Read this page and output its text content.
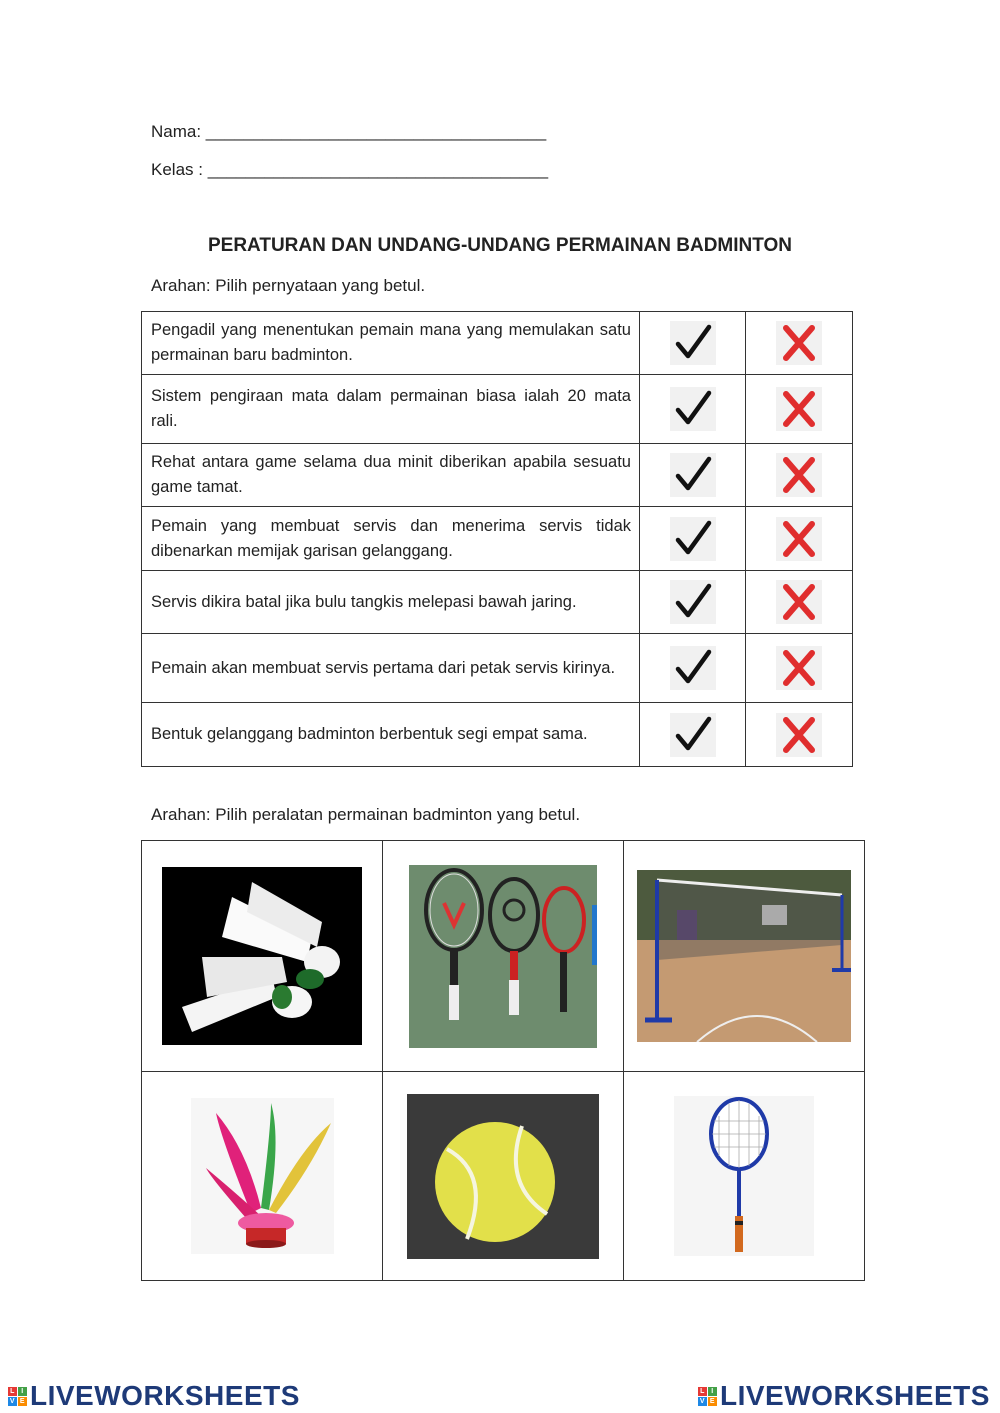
Nama: ____________________________________
Kelas : ____________________________________
PERATURAN DAN UNDANG-UNDANG PERMAINAN BADMINTON
Arahan: Pilih pernyataan yang betul.
Pengadil yang menentukan pemain mana yang memulakan satu permainan baru badminton.	

Sistem pengiraan mata dalam permainan biasa ialah 20 mata rali.	

Rehat antara game selama dua minit diberikan apabila sesuatu game tamat.	

Pemain yang membuat servis dan menerima servis tidak dibenarkan memijak garisan gelanggang.	

Servis dikira batal jika bulu tangkis melepasi bawah jaring.	

Pemain akan membuat servis pertama dari petak servis kirinya.	

Bentuk gelanggang badminton berbentuk segi empat sama.	

Arahan: Pilih peralatan permainan badminton yang betul.

L I
V E LIVEWORKSHEETS	L I
V E LIVEWORKSHEETS
